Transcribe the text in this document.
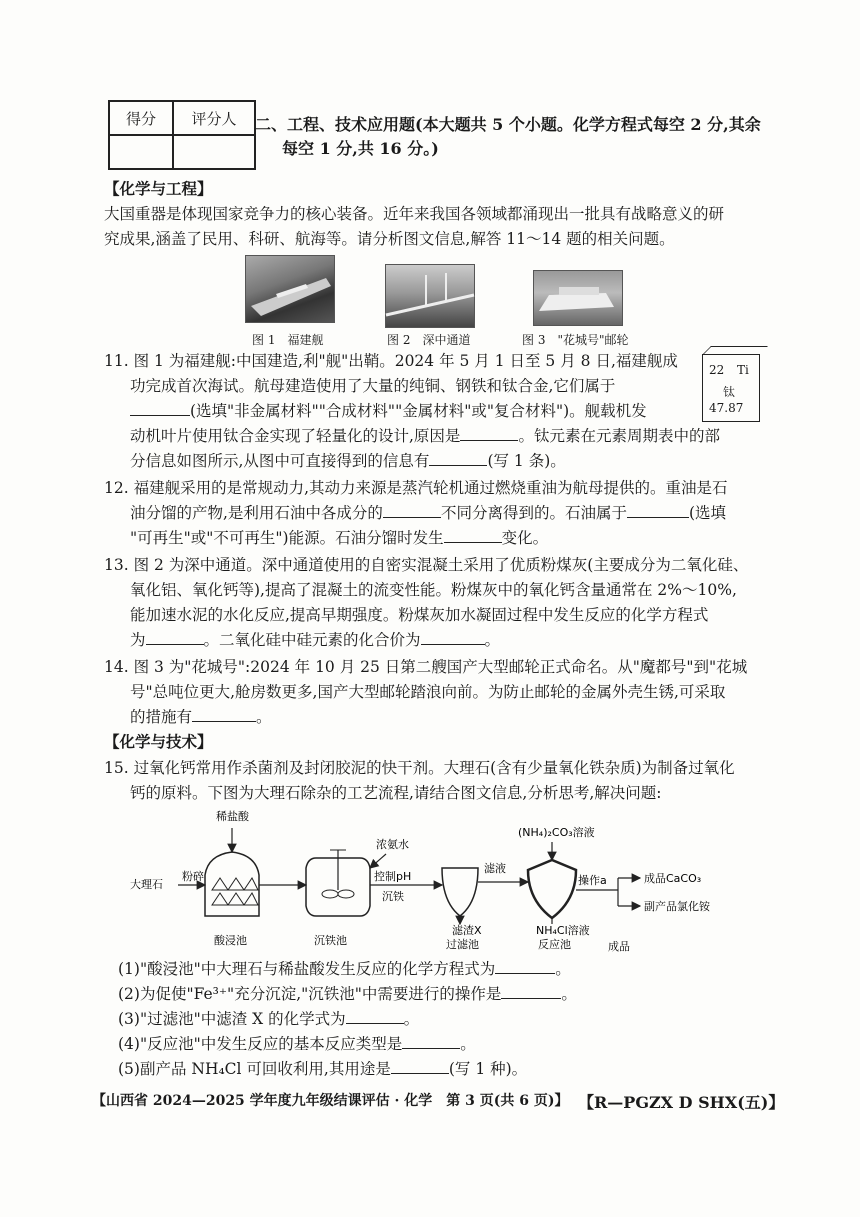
得分	评分人
	二、工程、技术应用题(本大题共 5 个小题。化学方程式每空 2 分,其余
每空 1 分,共 16 分。)
【化学与工程】
大国重器是体现国家竞争力的核心装备。近年来我国各领域都涌现出一批具有战略意义的研
究成果,涵盖了民用、科研、航海等。请分析图文信息,解答 11～14 题的相关问题。
图 1　福建舰	图 2　深中通道	图 3　"花城号"邮轮
22 Ti
钛
47.87
11. 图 1 为福建舰:中国建造,利"舰"出鞘。2024 年 5 月 1 日至 5 月 8 日,福建舰成
功完成首次海试。航母建造使用了大量的纯铜、钢铁和钛合金,它们属于
(选填"非金属材料""合成材料""金属材料"或"复合材料")。舰载机发
动机叶片使用钛合金实现了轻量化的设计,原因是	。钛元素在元素周期表中的部
分信息如图所示,从图中可直接得到的信息有	(写 1 条)。
12. 福建舰采用的是常规动力,其动力来源是蒸汽轮机通过燃烧重油为航母提供的。重油是石
油分馏的产物,是利用石油中各成分的	不同分离得到的。石油属于	(选填
"可再生"或"不可再生")能源。石油分馏时发生	变化。
13. 图 2 为深中通道。深中通道使用的自密实混凝土采用了优质粉煤灰(主要成分为二氧化硅、
氧化铝、氧化钙等),提高了混凝土的流变性能。粉煤灰中的氧化钙含量通常在 2%～10%,
能加速水泥的水化反应,提高早期强度。粉煤灰加水凝固过程中发生反应的化学方程式
为	。二氧化硅中硅元素的化合价为	。
14. 图 3 为"花城号":2024 年 10 月 25 日第二艘国产大型邮轮正式命名。从"魔都号"到"花城
号"总吨位更大,舱房数更多,国产大型邮轮踏浪向前。为防止邮轮的金属外壳生锈,可采取
的措施有	。
【化学与技术】
15. 过氧化钙常用作杀菌剂及封闭胶泥的快干剂。大理石(含有少量氧化铁杂质)为制备过氧化
钙的原料。下图为大理石除杂的工艺流程,请结合图文信息,分析思考,解决问题:
稀盐酸
大理石
粉碎
酸浸池
浓氨水
沉铁池
控制pH
沉铁
滤渣X
过滤池
滤液
(NH₄)₂CO₃溶液
NH₄Cl溶液
反应池
操作a	成品CaCO₃
副产品氯化铵
成品
(1)"酸浸池"中大理石与稀盐酸发生反应的化学方程式为	。
(2)为促使"Fe³⁺"充分沉淀,"沉铁池"中需要进行的操作是	。
(3)"过滤池"中滤渣 X 的化学式为	。
(4)"反应池"中发生反应的基本反应类型是	。
(5)副产品 NH₄Cl 可回收利用,其用途是	(写 1 种)。
【山西省 2024—2025 学年度九年级结课评估 · 化学　第 3 页(共 6 页)】 【R—PGZX D SHX(五)】
